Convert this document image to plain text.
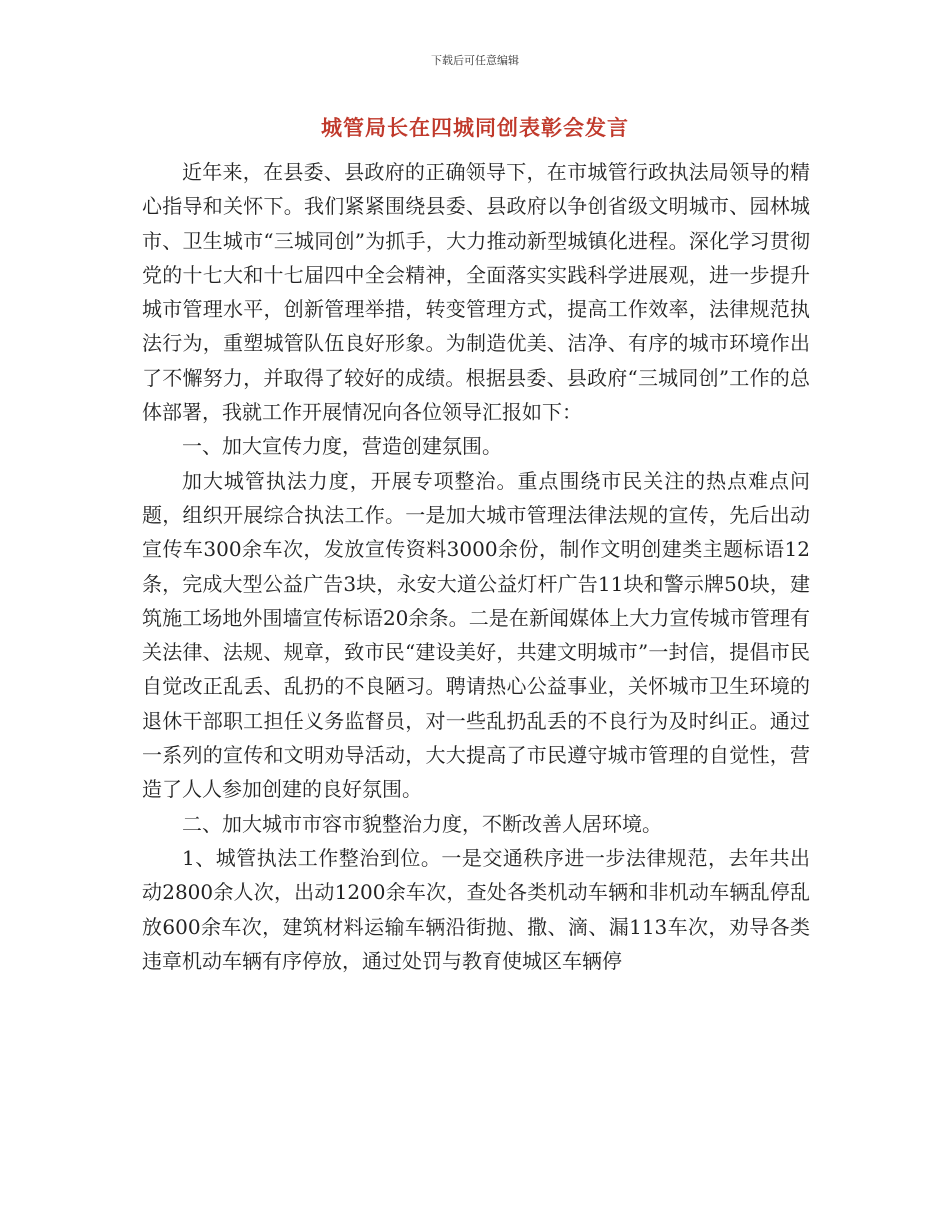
下载后可任意编辑
城管局长在四城同创表彰会发言

近年来，在县委、县政府的正确领导下，在市城管行政执法局领导的精心指导和关怀下。我们紧紧围绕县委、县政府以争创省级文明城市、园林城市、卫生城市“三城同创”为抓手，大力推动新型城镇化进程。深化学习贯彻党的十七大和十七届四中全会精神，全面落实实践科学进展观，进一步提升城市管理水平，创新管理举措，转变管理方式，提高工作效率，法律规范执法行为，重塑城管队伍良好形象。为制造优美、洁净、有序的城市环境作出了不懈努力，并取得了较好的成绩。根据县委、县政府“三城同创”工作的总体部署，我就工作开展情况向各位领导汇报如下：

一、加大宣传力度，营造创建氛围。

加大城管执法力度，开展专项整治。重点围绕市民关注的热点难点问题，组织开展综合执法工作。一是加大城市管理法律法规的宣传，先后出动宣传车300余车次，发放宣传资料3000余份，制作文明创建类主题标语12条，完成大型公益广告3块，永安大道公益灯杆广告11块和警示牌50块，建筑施工场地外围墙宣传标语20余条。二是在新闻媒体上大力宣传城市管理有关法律、法规、规章，致市民“建设美好，共建文明城市”一封信，提倡市民自觉改正乱丢、乱扔的不良陋习。聘请热心公益事业，关怀城市卫生环境的退休干部职工担任义务监督员，对一些乱扔乱丢的不良行为及时纠正。通过一系列的宣传和文明劝导活动，大大提高了市民遵守城市管理的自觉性，营造了人人参加创建的良好氛围。

二、加大城市市容市貌整治力度，不断改善人居环境。

1、城管执法工作整治到位。一是交通秩序进一步法律规范，去年共出动2800余人次，出动1200余车次，查处各类机动车辆和非机动车辆乱停乱放600余车次，建筑材料运输车辆沿街抛、撒、滴、漏113车次，劝导各类违章机动车辆有序停放，通过处罚与教育使城区车辆停
